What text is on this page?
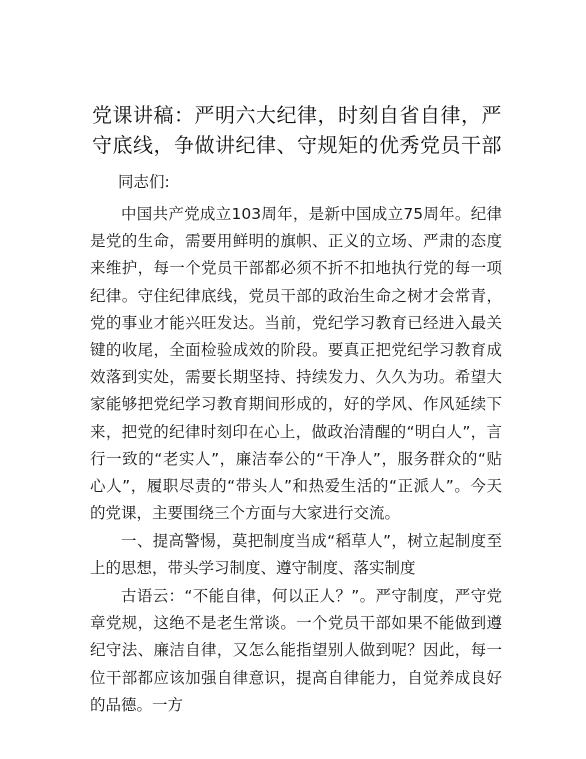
党课讲稿：严明六大纪律，时刻自省自律，严守底线，争做讲纪律、守规矩的优秀党员干部

同志们:

中国共产党成立103周年，是新中国成立75周年。纪律是党的生命，需要用鲜明的旗帜、正义的立场、严肃的态度来维护，每一个党员干部都必须不折不扣地执行党的每一项纪律。守住纪律底线，党员干部的政治生命之树才会常青，党的事业才能兴旺发达。当前，党纪学习教育已经进入最关键的收尾，全面检验成效的阶段。要真正把党纪学习教育成效落到实处，需要长期坚持、持续发力、久久为功。希望大家能够把党纪学习教育期间形成的，好的学风、作风延续下来，把党的纪律时刻印在心上，做政治清醒的“明白人”，言行一致的“老实人”，廉洁奉公的“干净人”，服务群众的“贴心人”，履职尽责的“带头人”和热爱生活的“正派人”。今天的党课，主要围绕三个方面与大家进行交流。

一、提高警惕，莫把制度当成“稻草人”，树立起制度至上的思想，带头学习制度、遵守制度、落实制度

古语云：“不能自律，何以正人？”。严守制度，严守党章党规，这绝不是老生常谈。一个党员干部如果不能做到遵纪守法、廉洁自律，又怎么能指望别人做到呢？因此，每一位干部都应该加强自律意识，提高自律能力，自觉养成良好的品德。一方
